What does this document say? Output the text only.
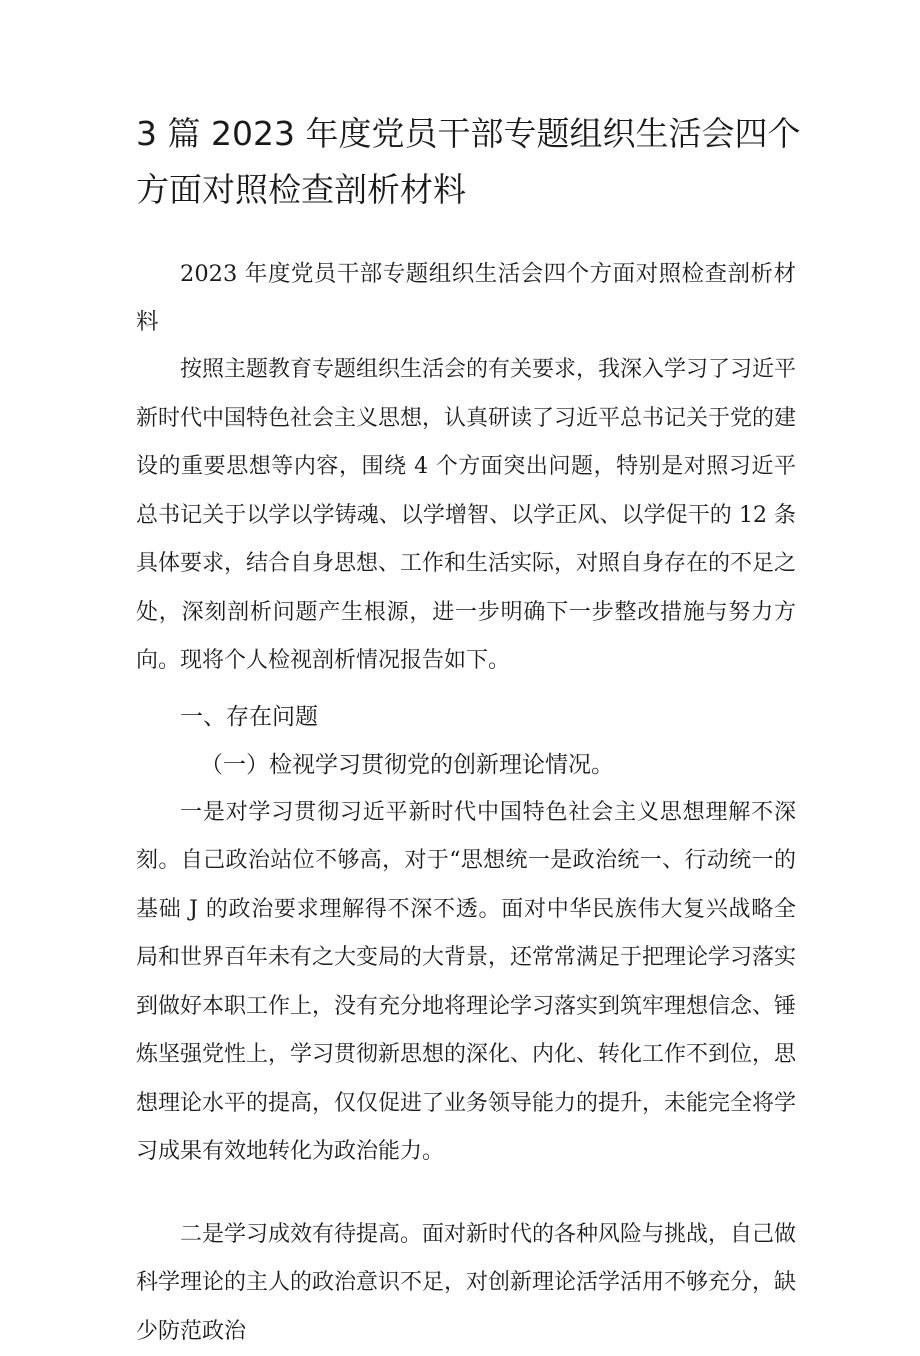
3 篇 2023 年度党员干部专题组织生活会四个方面对照检查剖析材料

2023 年度党员干部专题组织生活会四个方面对照检查剖析材料

按照主题教育专题组织生活会的有关要求，我深入学习了习近平新时代中国特色社会主义思想，认真研读了习近平总书记关于党的建设的重要思想等内容，围绕 4 个方面突出问题，特别是对照习近平总书记关于以学以学铸魂、以学增智、以学正风、以学促干的 12 条具体要求，结合自身思想、工作和生活实际，对照自身存在的不足之处，深刻剖析问题产生根源，进一步明确下一步整改措施与努力方向。现将个人检视剖析情况报告如下。

一、存在问题

（一）检视学习贯彻党的创新理论情况。

一是对学习贯彻习近平新时代中国特色社会主义思想理解不深刻。自己政治站位不够高，对于“思想统一是政治统一、行动统一的基础 J 的政治要求理解得不深不透。面对中华民族伟大复兴战略全局和世界百年未有之大变局的大背景，还常常满足于把理论学习落实到做好本职工作上，没有充分地将理论学习落实到筑牢理想信念、锤炼坚强党性上，学习贯彻新思想的深化、内化、转化工作不到位，思想理论水平的提高，仅仅促进了业务领导能力的提升，未能完全将学习成果有效地转化为政治能力。

二是学习成效有待提高。面对新时代的各种风险与挑战，自己做科学理论的主人的政治意识不足，对创新理论活学活用不够充分，缺少防范政治
